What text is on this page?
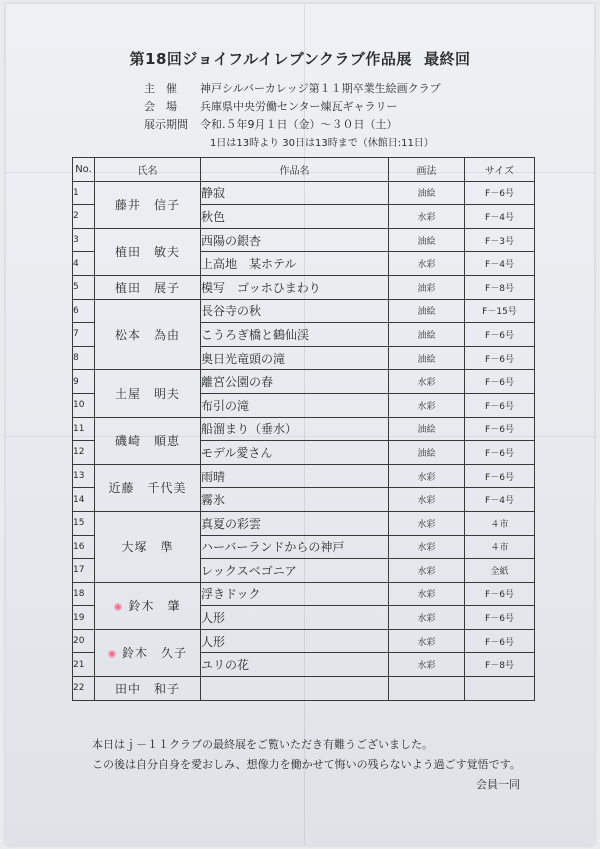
第18回ジョイフルイレブンクラブ作品展 最終回
主　催 神戸シルバーカレッジ第１１期卒業生絵画クラブ
会　場 兵庫県中央労働センター煉瓦ギャラリー
展示期間 令和.５年9月１日（金）～３０日（土）
1日は13時より 30日は13時まで（休館日:11日）
No.	氏名	作品名	画法	サイズ
1	藤井　信子	静寂	油絵	F－6号
2		秋色	水彩	F－4号
3	植田　敏夫	西陽の銀杏	油絵	F－3号
4		上高地　某ホテル	水彩	F－4号
5	植田　展子	模写　ゴッホひまわり	油彩	F－8号
6	松本　為由	長谷寺の秋	油絵	F－15号
7		こうろぎ橋と鶴仙渓	油絵	F－6号
8		奥日光竜頭の滝	油絵	F－6号
9	土屋　明夫	離宮公園の春	水彩	F－6号
10		布引の滝	水彩	F－6号
11	磯崎　順恵	船溜まり（垂水）	油絵	F－6号
12		モデル愛さん	油絵	F－6号
13	近藤　千代美	雨晴	水彩	F－6号
14		霧氷	水彩	F－4号
15	大塚　準	真夏の彩雲	水彩	４市
16		ハーバーランドからの神戸	水彩	４市
17		レックスベゴニア	水彩	全紙
18	鈴木　肇	浮きドック	水彩	F－6号
19		人形	水彩	F－6号
20	鈴木　久子	人形	水彩	F－6号
21		ユリの花	水彩	F－8号
22	田中　和子			
本日はｊ－１１クラブの最終展をご覧いただき有難うございました。
この後は自分自身を愛おしみ、想像力を働かせて悔いの残らないよう過ごす覚悟です。
会員一同
